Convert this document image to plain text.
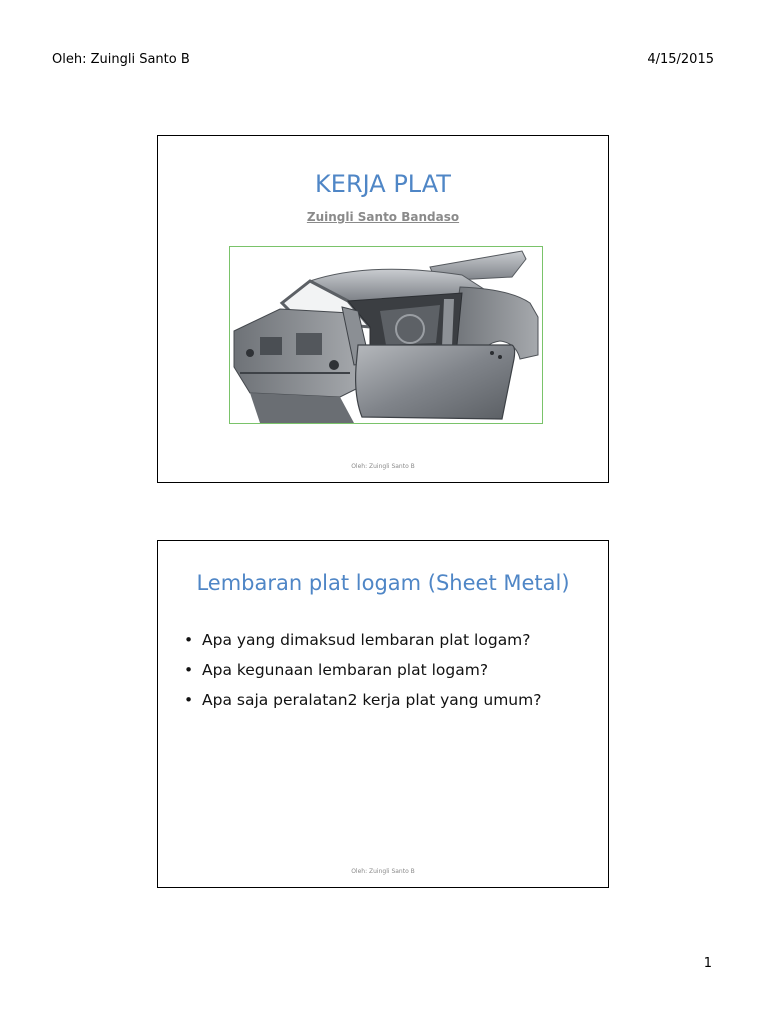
Oleh: Zuingli Santo B	4/15/2015
KERJA PLAT
Zuingli Santo Bandaso
Oleh: Zuingli Santo B
Lembaran plat logam (Sheet Metal)
• Apa yang dimaksud lembaran plat logam?
• Apa kegunaan lembaran plat logam?
• Apa saja peralatan2 kerja plat yang umum?
Oleh: Zuingli Santo B
1
